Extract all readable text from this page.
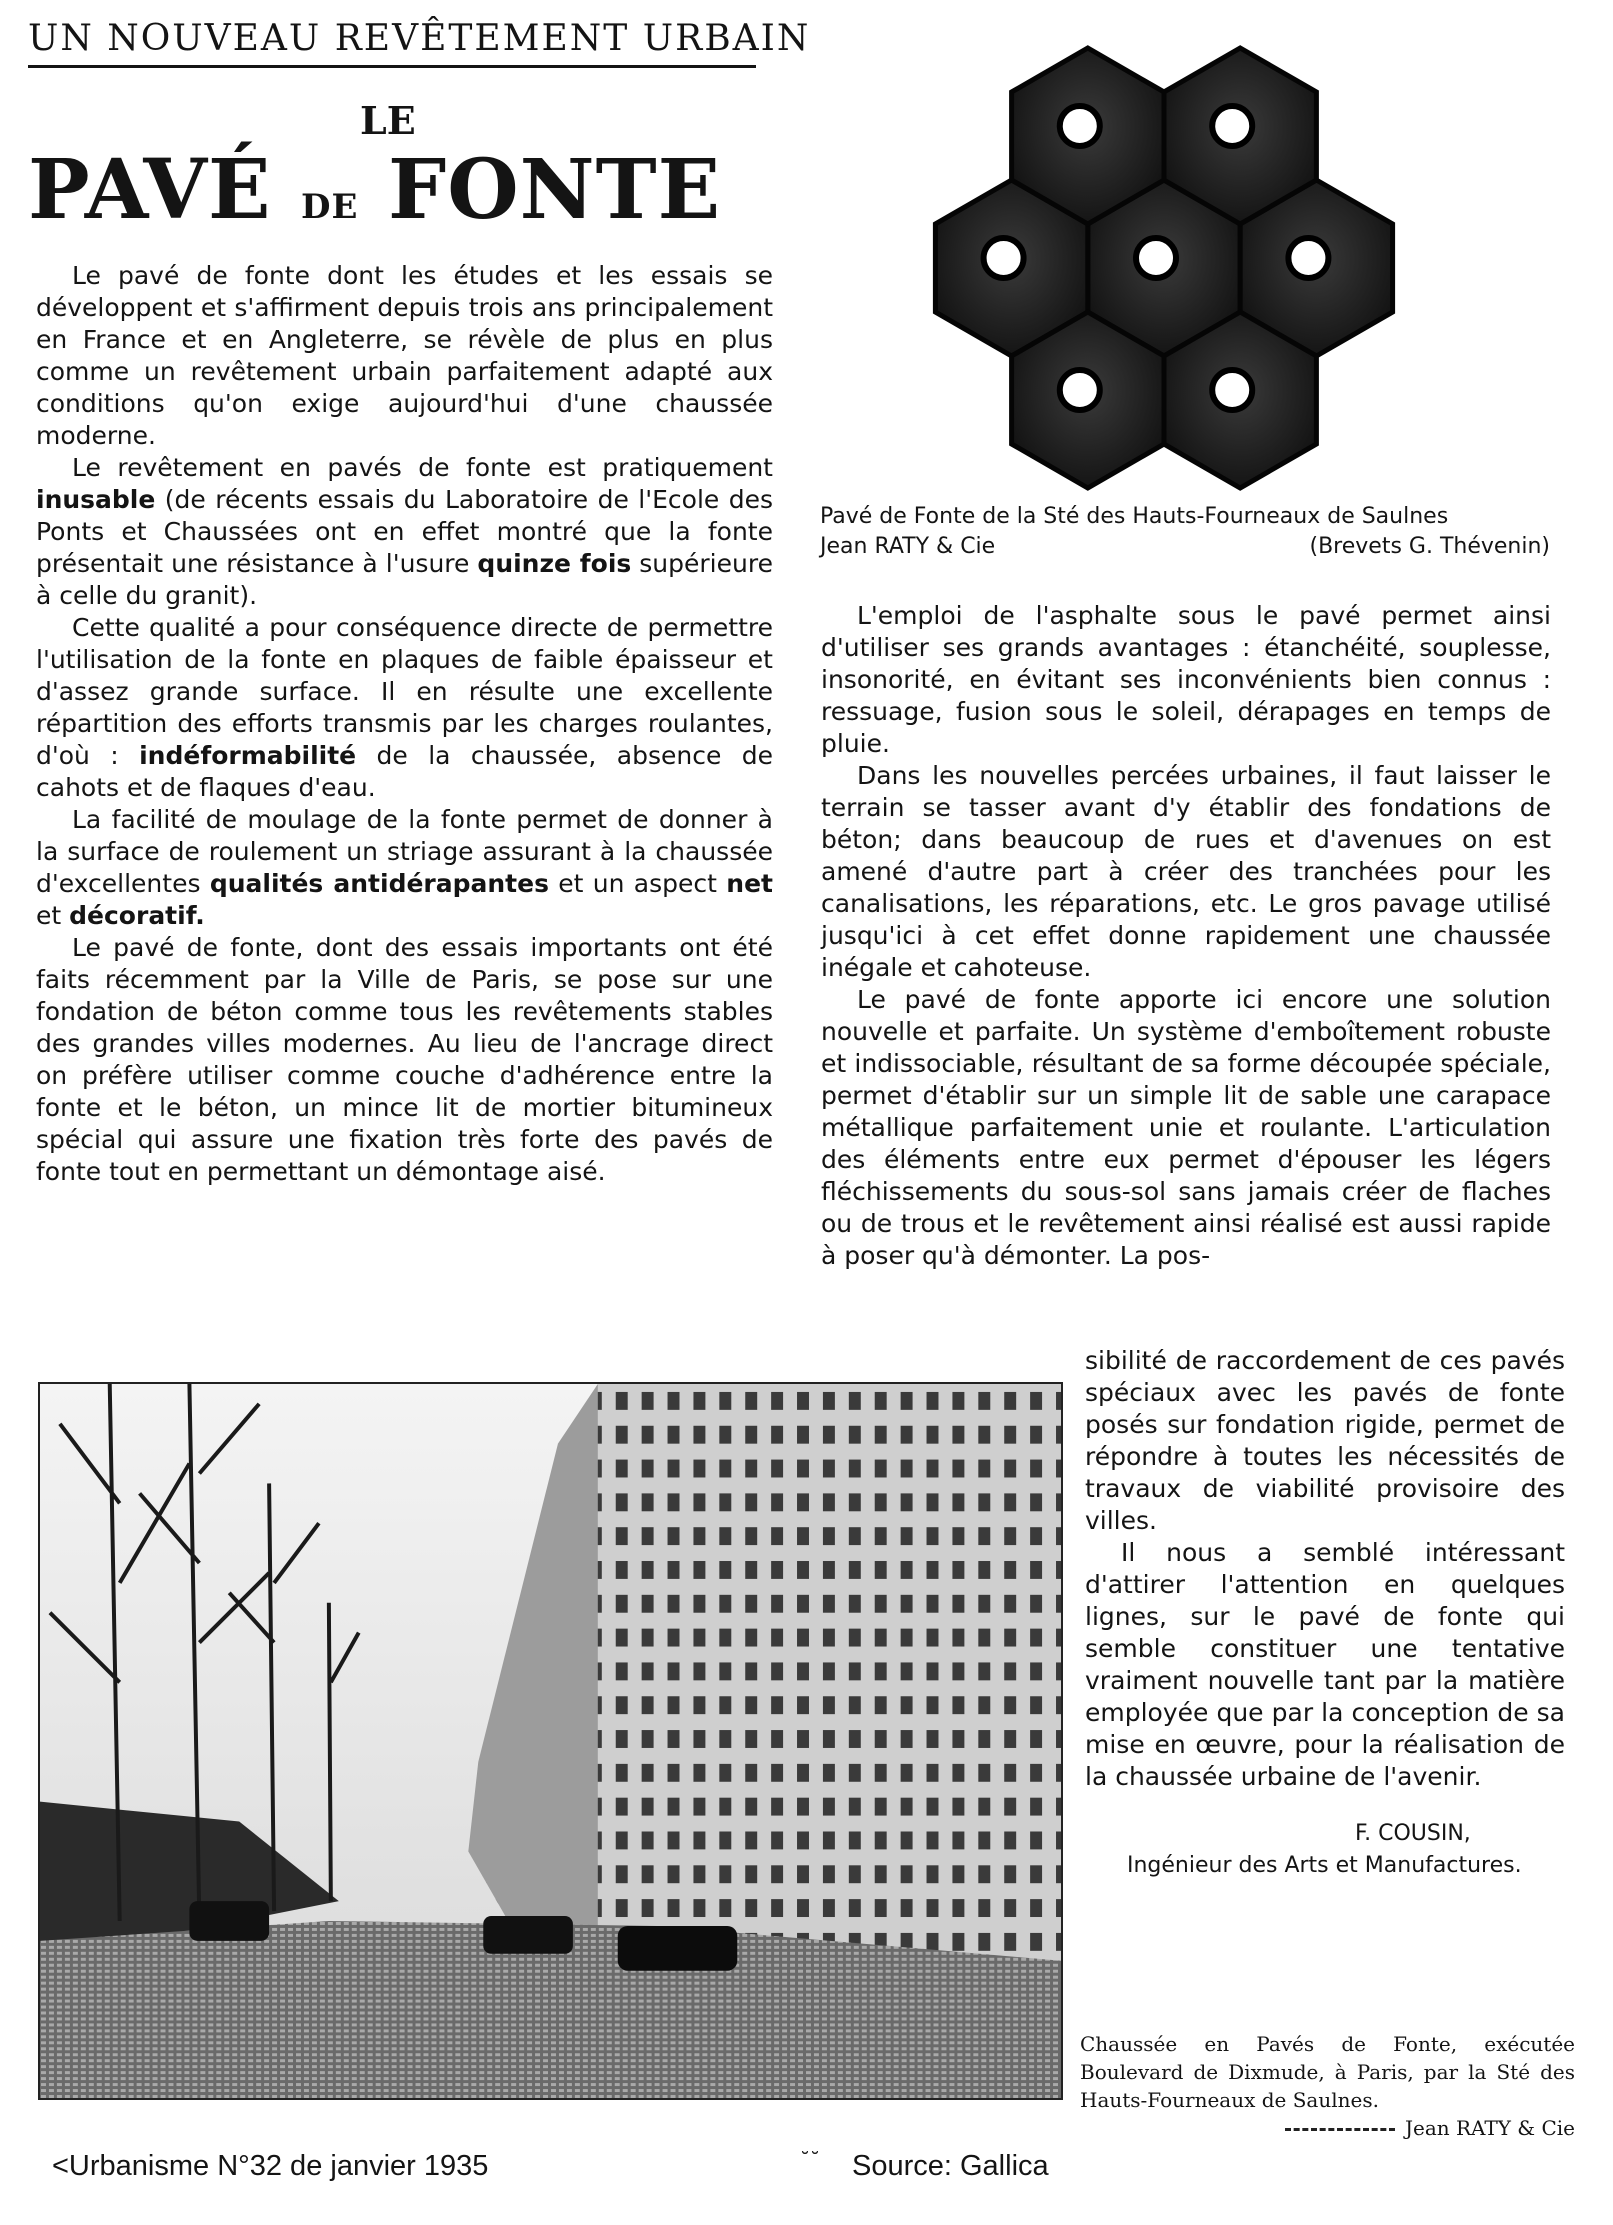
UN NOUVEAU REVÊTEMENT URBAIN
LE
PAVÉ DE FONTE

Le pavé de fonte dont les études et les essais se développent et s'affirment depuis trois ans principalement en France et en Angleterre, se révèle de plus en plus comme un revêtement urbain parfaitement adapté aux conditions qu'on exige aujourd'hui d'une chaussée moderne.

Le revêtement en pavés de fonte est pratiquement inusable (de récents essais du Laboratoire de l'Ecole des Ponts et Chaussées ont en effet montré que la fonte présentait une résistance à l'usure quinze fois supérieure à celle du granit).

Cette qualité a pour conséquence directe de permettre l'utilisation de la fonte en plaques de faible épaisseur et d'assez grande surface. Il en résulte une excellente répartition des efforts transmis par les charges roulantes, d'où : indéformabilité de la chaussée, absence de cahots et de flaques d'eau.

La facilité de moulage de la fonte permet de donner à la surface de roulement un striage assurant à la chaussée d'excellentes qualités antidérapantes et un aspect net et décoratif.

Le pavé de fonte, dont des essais importants ont été faits récemment par la Ville de Paris, se pose sur une fondation de béton comme tous les revêtements stables des grandes villes modernes. Au lieu de l'ancrage direct on préfère utiliser comme couche d'adhérence entre la fonte et le béton, un mince lit de mortier bitumineux spécial qui assure une fixation très forte des pavés de fonte tout en permettant un démontage aisé.

Pavé de Fonte de la Sté des Hauts-Fourneaux de Saulnes
Jean RATY & Cie	(Brevets G. Thévenin)

L'emploi de l'asphalte sous le pavé permet ainsi d'utiliser ses grands avantages : étanchéité, souplesse, insonorité, en évitant ses inconvénients bien connus : ressuage, fusion sous le soleil, dérapages en temps de pluie.

Dans les nouvelles percées urbaines, il faut laisser le terrain se tasser avant d'y établir des fondations de béton; dans beaucoup de rues et d'avenues on est amené d'autre part à créer des tranchées pour les canalisations, les réparations, etc. Le gros pavage utilisé jusqu'ici à cet effet donne rapidement une chaussée inégale et cahoteuse.

Le pavé de fonte apporte ici encore une solution nouvelle et parfaite. Un système d'emboîtement robuste et indissociable, résultant de sa forme découpée spéciale, permet d'établir sur un simple lit de sable une carapace métallique parfaitement unie et roulante. L'articulation des éléments entre eux permet d'épouser les légers fléchissements du sous-sol sans jamais créer de flaches ou de trous et le revêtement ainsi réalisé est aussi rapide à poser qu'à démonter. La pos-

sibilité de raccordement de ces pavés spéciaux avec les pavés de fonte posés sur fondation rigide, permet de répondre à toutes les nécessités de travaux de viabilité provisoire des villes.

Il nous a semblé intéressant d'attirer l'attention en quelques lignes, sur le pavé de fonte qui semble constituer une tentative vraiment nouvelle tant par la matière employée que par la conception de sa mise en œuvre, pour la réalisation de la chaussée urbaine de l'avenir.

F. COUSIN,
Ingénieur des Arts et Manufactures.
Chaussée en Pavés de Fonte, exécutée Boulevard de Dixmude, à Paris, par la Sté des Hauts-Fourneaux de Saulnes.
Jean RATY & Cie
<Urbanisme N°32 de janvier 1935	˘˘ Source: Gallica
